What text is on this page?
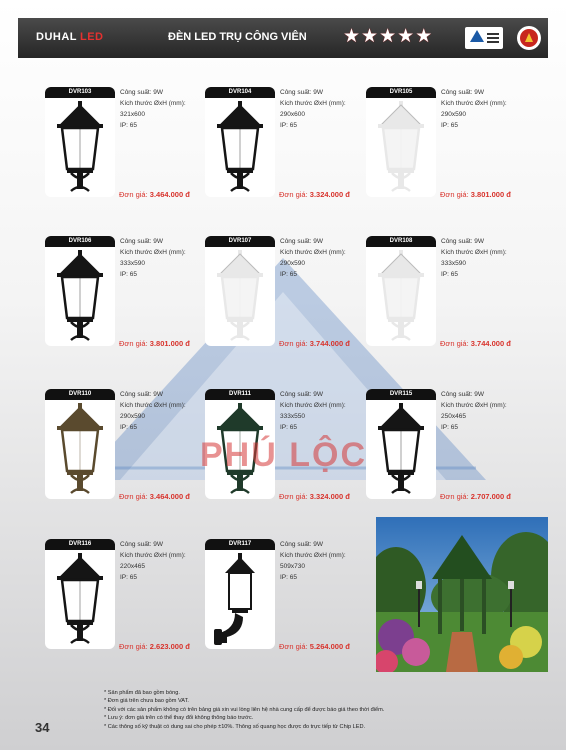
DUHAL LED	ĐÈN LED TRỤ CÔNG VIÊN ★ ★ ★ ★ ★
DVR103	Công suất: 9W
Kích thước ØxH (mm):
321x600
IP: 65
Đơn giá: 3.464.000 đ
DVR104	Công suất: 9W
Kích thước ØxH (mm):
290x600
IP: 65
Đơn giá: 3.324.000 đ
DVR105	Công suất: 9W
Kích thước ØxH (mm):
290x590
IP: 65
Đơn giá: 3.801.000 đ
DVR106	Công suất: 9W
Kích thước ØxH (mm):
333x590
IP: 65
Đơn giá: 3.801.000 đ
DVR107	Công suất: 9W
Kích thước ØxH (mm):
290x590
IP: 65
Đơn giá: 3.744.000 đ
DVR108	Công suất: 9W
Kích thước ØxH (mm):
333x590
IP: 65
Đơn giá: 3.744.000 đ
DVR110	Công suất: 9W
Kích thước ØxH (mm):
290x590
IP: 65
Đơn giá: 3.464.000 đ
DVR111	Công suất: 9W
Kích thước ØxH (mm):
333x550
IP: 65
Đơn giá: 3.324.000 đ
DVR115	Công suất: 9W
Kích thước ØxH (mm):
250x465
IP: 65
Đơn giá: 2.707.000 đ
DVR116	Công suất: 9W
Kích thước ØxH (mm):
220x465
IP: 65
Đơn giá: 2.623.000 đ
DVR117	Công suất: 9W
Kích thước ØxH (mm):
509x730
IP: 65
Đơn giá: 5.264.000 đ
PHÚ LỘC
* Sản phẩm đã bao gồm bóng.
* Đơn giá trên chưa bao gồm VAT.
* Đối với các sản phẩm không có trên bảng giá xin vui lòng liên hệ nhà cung cấp để được báo giá theo thời điểm.
* Lưu ý: đơn giá trên có thể thay đổi không thông báo trước.
* Các thông số kỹ thuật có dung sai cho phép ±10%. Thông số quang học được đo trực tiếp từ Chip LED.
34
